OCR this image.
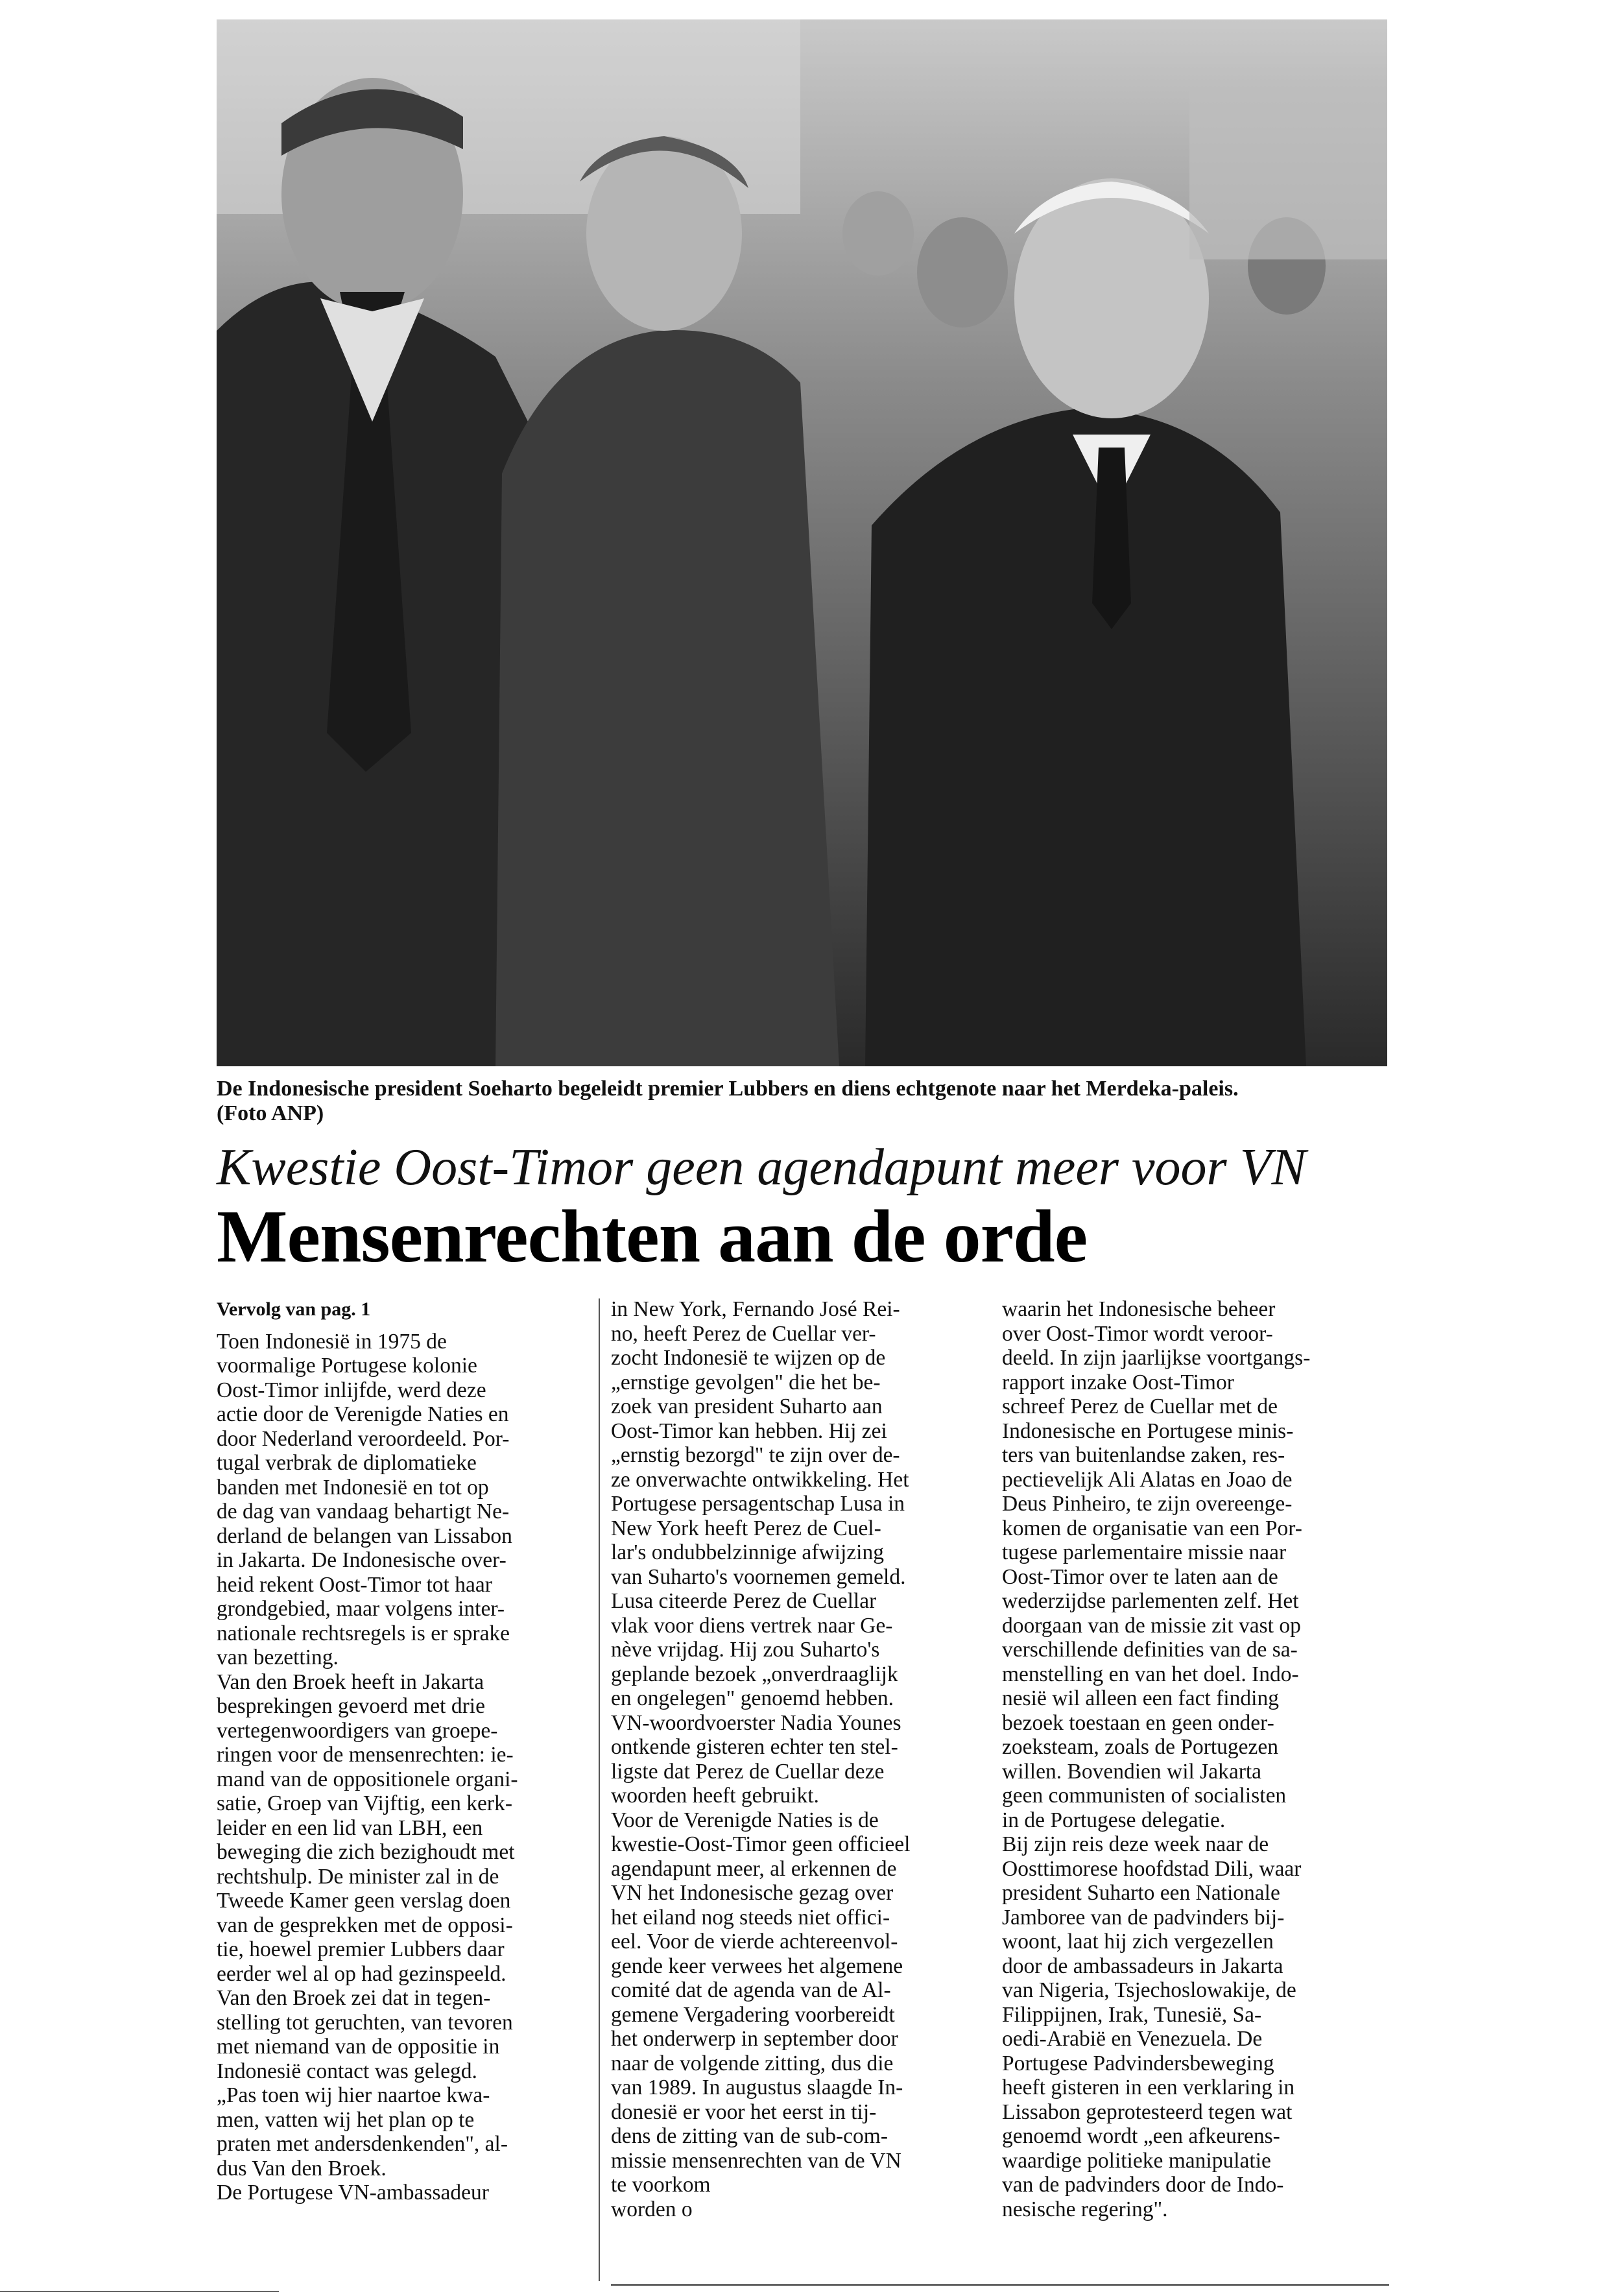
De Indonesische president Soeharto begeleidt premier Lubbers en diens echtgenote naar het Merdeka-paleis.
(Foto ANP)
Kwestie Oost-Timor geen agendapunt meer voor VN
Mensenrechten aan de orde
Vervolg van pag. 1
Toen Indonesië in 1975 de
voormalige Portugese kolonie
Oost-Timor inlijfde, werd deze
actie door de Verenigde Naties en
door Nederland veroordeeld. Por-
tugal verbrak de diplomatieke
banden met Indonesië en tot op
de dag van vandaag behartigt Ne-
derland de belangen van Lissabon
in Jakarta. De Indonesische over-
heid rekent Oost-Timor tot haar
grondgebied, maar volgens inter-
nationale rechtsregels is er sprake
van bezetting.
Van den Broek heeft in Jakarta
besprekingen gevoerd met drie
vertegenwoordigers van groepe-
ringen voor de mensenrechten: ie-
mand van de oppositionele organi-
satie, Groep van Vijftig, een kerk-
leider en een lid van LBH, een
beweging die zich bezighoudt met
rechtshulp. De minister zal in de
Tweede Kamer geen verslag doen
van de gesprekken met de opposi-
tie, hoewel premier Lubbers daar
eerder wel al op had gezinspeeld.
Van den Broek zei dat in tegen-
stelling tot geruchten, van tevoren
met niemand van de oppositie in
Indonesië contact was gelegd.
„Pas toen wij hier naartoe kwa-
men, vatten wij het plan op te
praten met andersdenkenden", al-
dus Van den Broek.
De Portugese VN-ambassadeur
in New York, Fernando José Rei-
no, heeft Perez de Cuellar ver-
zocht Indonesië te wijzen op de
„ernstige gevolgen" die het be-
zoek van president Suharto aan
Oost-Timor kan hebben. Hij zei
„ernstig bezorgd" te zijn over de-
ze onverwachte ontwikkeling. Het
Portugese persagentschap Lusa in
New York heeft Perez de Cuel-
lar's ondubbelzinnige afwijzing
van Suharto's voornemen gemeld.
Lusa citeerde Perez de Cuellar
vlak voor diens vertrek naar Ge-
nève vrijdag. Hij zou Suharto's
geplande bezoek „onverdraaglijk
en ongelegen" genoemd hebben.
VN-woordvoerster Nadia Younes
ontkende gisteren echter ten stel-
ligste dat Perez de Cuellar deze
woorden heeft gebruikt.
Voor de Verenigde Naties is de
kwestie-Oost-Timor geen officieel
agendapunt meer, al erkennen de
VN het Indonesische gezag over
het eiland nog steeds niet offici-
eel. Voor de vierde achtereenvol-
gende keer verwees het algemene
comité dat de agenda van de Al-
gemene Vergadering voorbereidt
het onderwerp in september door
naar de volgende zitting, dus die
van 1989. In augustus slaagde In-
donesië er voor het eerst in tij-
dens de zitting van de sub-com-
missie mensenrechten van de VN
te voorkom
worden o
waarin het Indonesische beheer
over Oost-Timor wordt veroor-
deeld. In zijn jaarlijkse voortgangs-
rapport inzake Oost-Timor
schreef Perez de Cuellar met de
Indonesische en Portugese minis-
ters van buitenlandse zaken, res-
pectievelijk Ali Alatas en Joao de
Deus Pinheiro, te zijn overeenge-
komen de organisatie van een Por-
tugese parlementaire missie naar
Oost-Timor over te laten aan de
wederzijdse parlementen zelf. Het
doorgaan van de missie zit vast op
verschillende definities van de sa-
menstelling en van het doel. Indo-
nesië wil alleen een fact finding
bezoek toestaan en geen onder-
zoeksteam, zoals de Portugezen
willen. Bovendien wil Jakarta
geen communisten of socialisten
in de Portugese delegatie.
Bij zijn reis deze week naar de
Oosttimorese hoofdstad Dili, waar
president Suharto een Nationale
Jamboree van de padvinders bij-
woont, laat hij zich vergezellen
door de ambassadeurs in Jakarta
van Nigeria, Tsjechoslowakije, de
Filippijnen, Irak, Tunesië, Sa-
oedi-Arabië en Venezuela. De
Portugese Padvindersbeweging
heeft gisteren in een verklaring in
Lissabon geprotesteerd tegen wat
genoemd wordt „een afkeurens-
waardige politieke manipulatie
van de padvinders door de Indo-
nesische regering".
